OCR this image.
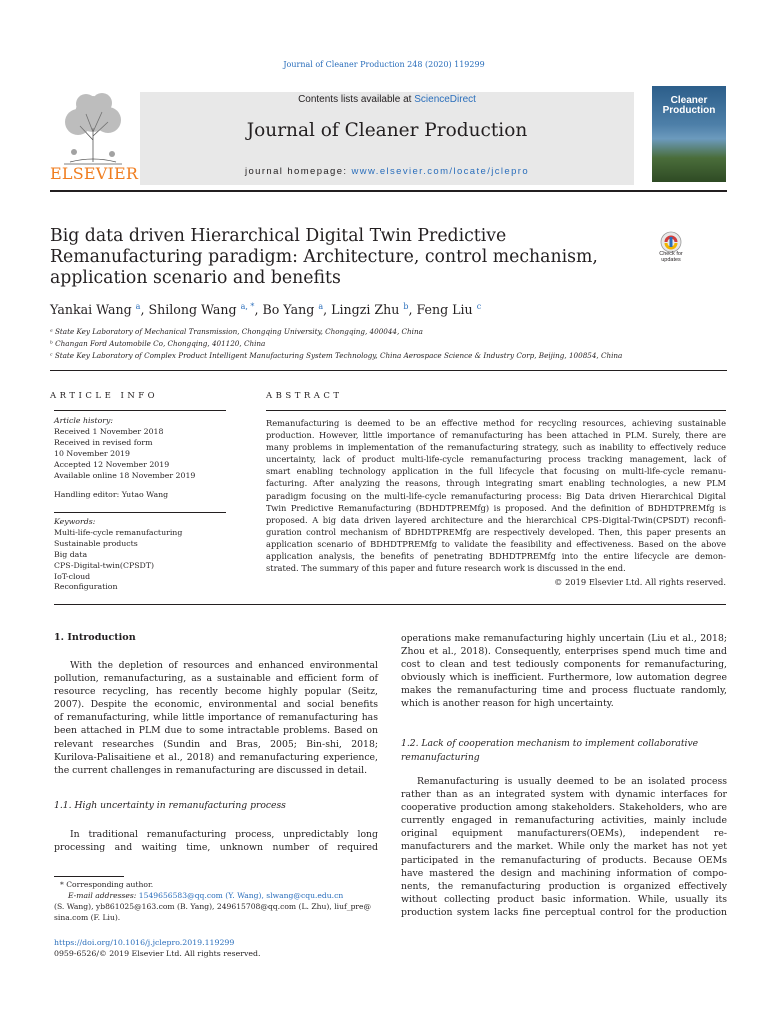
Journal of Cleaner Production 248 (2020) 119299
ELSEVIER
Contents lists available at ScienceDirect
Journal of Cleaner Production
journal homepage: www.elsevier.com/locate/jclepro
Cleaner
Production
Big data driven Hierarchical Digital Twin Predictive Remanufacturing paradigm: Architecture, control mechanism, application scenario and benefits
Check for updates
Yankai Wang $^a$, Shilong Wang $^{a, *}$, Bo Yang $^a$, Lingzi Zhu $^b$, Feng Liu $^c$
ᵃ State Key Laboratory of Mechanical Transmission, Chongqing University, Chongqing, 400044, China
ᵇ Changan Ford Automobile Co, Chongqing, 401120, China
ᶜ State Key Laboratory of Complex Product Intelligent Manufacturing System Technology, China Aerospace Science & Industry Corp, Beijing, 100854, China
ARTICLE INFO
Article history:
Received 1 November 2018
Received in revised form
10 November 2019
Accepted 12 November 2019
Available online 18 November 2019
Handling editor: Yutao Wang
Keywords:
Multi-life-cycle remanufacturing
Sustainable products
Big data
CPS-Digital-twin(CPSDT)
IoT-cloud
Reconfiguration
ABSTRACT
Remanufacturing is deemed to be an effective method for recycling resources, achieving sustainable
production. However, little importance of remanufacturing has been attached in PLM. Surely, there are
many problems in implementation of the remanufacturing strategy, such as inability to effectively reduce
uncertainty, lack of product multi-life-cycle remanufacturing process tracking management, lack of
smart enabling technology application in the full lifecycle that focusing on multi-life-cycle remanu-
facturing. After analyzing the reasons, through integrating smart enabling technologies, a new PLM
paradigm focusing on the multi-life-cycle remanufacturing process: Big Data driven Hierarchical Digital
Twin Predictive Remanufacturing (BDHDTPREMfg) is proposed. And the definition of BDHDTPREMfg is
proposed. A big data driven layered architecture and the hierarchical CPS-Digital-Twin(CPSDT) reconfi-
guration control mechanism of BDHDTPREMfg are respectively developed. Then, this paper presents an
application scenario of BDHDTPREMfg to validate the feasibility and effectiveness. Based on the above
application analysis, the benefits of penetrating BDHDTPREMfg into the entire lifecycle are demon-
strated. The summary of this paper and future research work is discussed in the end.
© 2019 Elsevier Ltd. All rights reserved.
1. Introduction
With the depletion of resources and enhanced environmental
pollution, remanufacturing, as a sustainable and efficient form of
resource recycling, has recently become highly popular (Seitz,
2007). Despite the economic, environmental and social benefits
of remanufacturing, while little importance of remanufacturing has
been attached in PLM due to some intractable problems. Based on
relevant researches (Sundin and Bras, 2005; Bin-shi, 2018;
Kurilova-Palisaitiene et al., 2018) and remanufacturing experience,
the current challenges in remanufacturing are discussed in detail.
1.1. High uncertainty in remanufacturing process
In traditional remanufacturing process, unpredictably long
processing and waiting time, unknown number of required
* Corresponding author.
E-mail addresses: 1549656583@qq.com (Y. Wang), slwang@cqu.edu.cn
(S. Wang), yb861025@163.com (B. Yang), 249615708@qq.com (L. Zhu), liuf_pre@
sina.com (F. Liu).
https://doi.org/10.1016/j.jclepro.2019.119299
0959-6526/© 2019 Elsevier Ltd. All rights reserved.
operations make remanufacturing highly uncertain (Liu et al., 2018;
Zhou et al., 2018). Consequently, enterprises spend much time and
cost to clean and test tediously components for remanufacturing,
obviously which is inefficient. Furthermore, low automation degree
makes the remanufacturing time and process fluctuate randomly,
which is another reason for high uncertainty.
1.2. Lack of cooperation mechanism to implement collaborative
remanufacturing
Remanufacturing is usually deemed to be an isolated process
rather than as an integrated system with dynamic interfaces for
cooperative production among stakeholders. Stakeholders, who are
currently engaged in remanufacturing activities, mainly include
original equipment manufacturers(OEMs), independent re-
manufacturers and the market. While only the market has not yet
participated in the remanufacturing of products. Because OEMs
have mastered the design and machining information of compo-
nents, the remanufacturing production is organized effectively
without collecting product basic information. While, usually its
production system lacks fine perceptual control for the production
